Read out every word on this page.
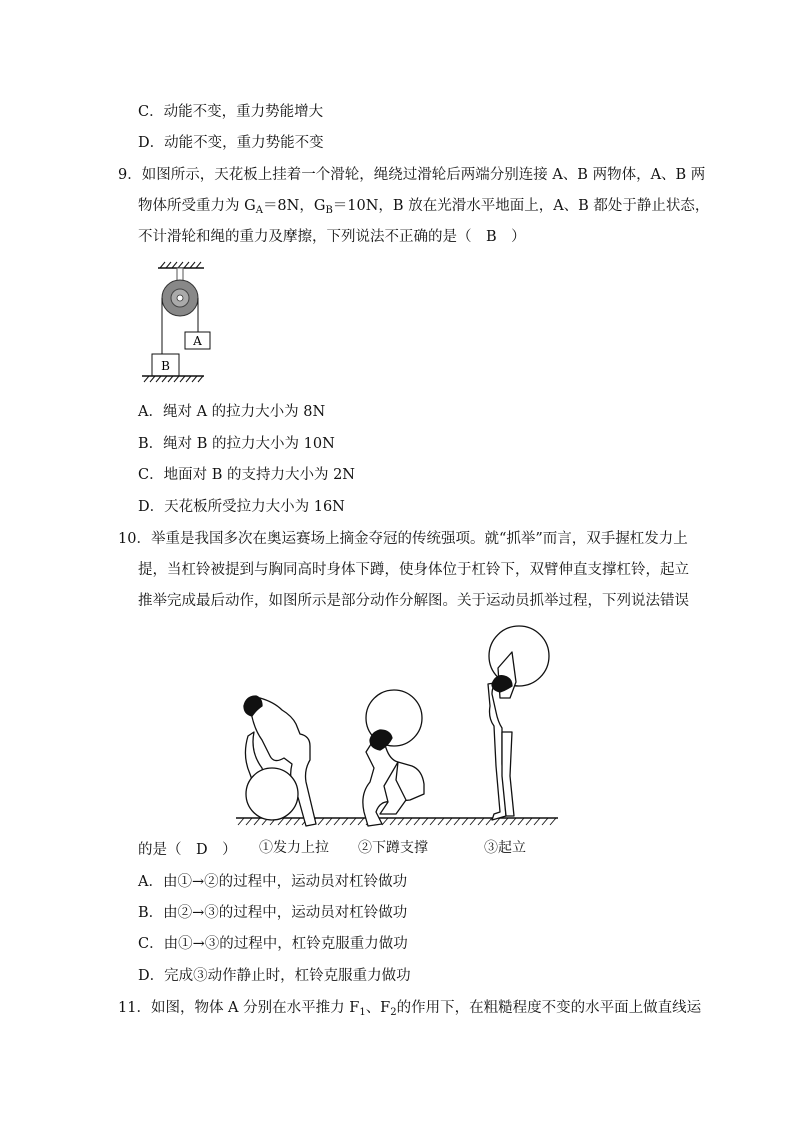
C．动能不变，重力势能增大
D．动能不变，重力势能不变
9．如图所示，天花板上挂着一个滑轮，绳绕过滑轮后两端分别连接 A、B 两物体，A、B 两
物体所受重力为 $G_A=8N$，$G_B=10N$，B 放在光滑水平地面上，A、B 都处于静止状态，
不计滑轮和绳的重力及摩擦，下列说法不正确的是（　B　）
A
B
A．绳对 A 的拉力大小为 8N
B．绳对 B 的拉力大小为 10N
C．地面对 B 的支持力大小为 2N
D．天花板所受拉力大小为 16N
10．举重是我国多次在奥运赛场上摘金夺冠的传统强项。就“抓举”而言，双手握杠发力上
提，当杠铃被提到与胸同高时身体下蹲，使身体位于杠铃下，双臂伸直支撑杠铃，起立
推举完成最后动作，如图所示是部分动作分解图。关于运动员抓举过程，下列说法错误
的是（　D　） ①发力上拉 ②下蹲支撑	③起立
A．由①→②的过程中，运动员对杠铃做功
B．由②→③的过程中，运动员对杠铃做功
C．由①→③的过程中，杠铃克服重力做功
D．完成③动作静止时，杠铃克服重力做功
11．如图，物体 A 分别在水平推力 $F_1$、$F_2$的作用下，在粗糙程度不变的水平面上做直线运
